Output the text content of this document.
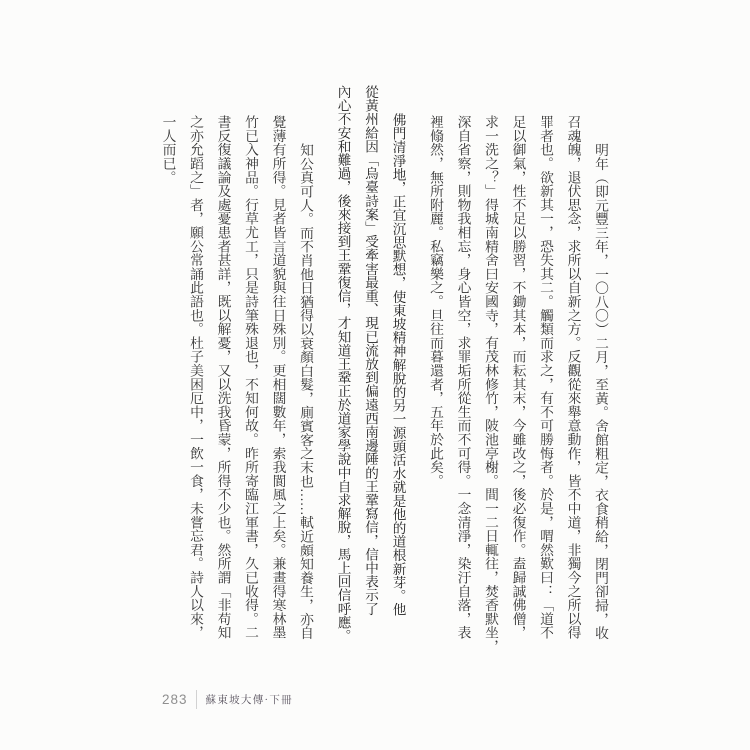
明年（即元豐三年，一〇八〇）二月，至黃。舍館粗定，衣食稍給，閉門卻掃，收
召魂魄，退伏思念，求所以自新之方。反觀從來舉意動作，皆不中道，非獨今之所以得
罪者也。欲新其一，恐失其二。觸類而求之，有不可勝悔者。於是，喟然歎曰：「道不
足以御氣，性不足以勝習，不鋤其本，而耘其末，今雖改之，後必復作。盍歸誠佛僧，
求一洗之？」得城南精舍曰安國寺，有茂林修竹，陂池亭榭。間一二日輒往，焚香默坐，
深自省察，則物我相忘，身心皆空，求罪垢所從生而不可得。一念清淨，染汙自落，表
裡翛然，無所附麗。私竊樂之。旦往而暮還者，五年於此矣。
佛門清淨地，正宜沉思默想，使東坡精神解脫的另一源頭活水就是他的道根新芽。他
從黃州給因「烏臺詩案」受牽害最重、現已流放到偏遠西南邊陲的王鞏寫信，信中表示了
內心不安和難過，後來接到王鞏復信，才知道王鞏正於道家學說中自求解脫，馬上回信呼應。
知公真可人。而不肖他日猶得以衰顏白髮，廁賓客之末也……軾近頗知養生，亦自
覺薄有所得。見者皆言道貌與往日殊別。更相闊數年，索我閬風之上矣。兼畫得寒林墨
竹已入神品。行草尤工，只是詩筆殊退也，不知何故。昨所寄臨江軍書，久已收得。二
書反復議論及處憂患者甚詳，既以解憂，又以洗我昏蒙，所得不少也。然所謂「非苟知
之亦允蹈之」者，願公常誦此語也。杜子美困厄中，一飲一食，未嘗忘君。詩人以來，
一人而已。
283 蘇東坡大傳·下冊
